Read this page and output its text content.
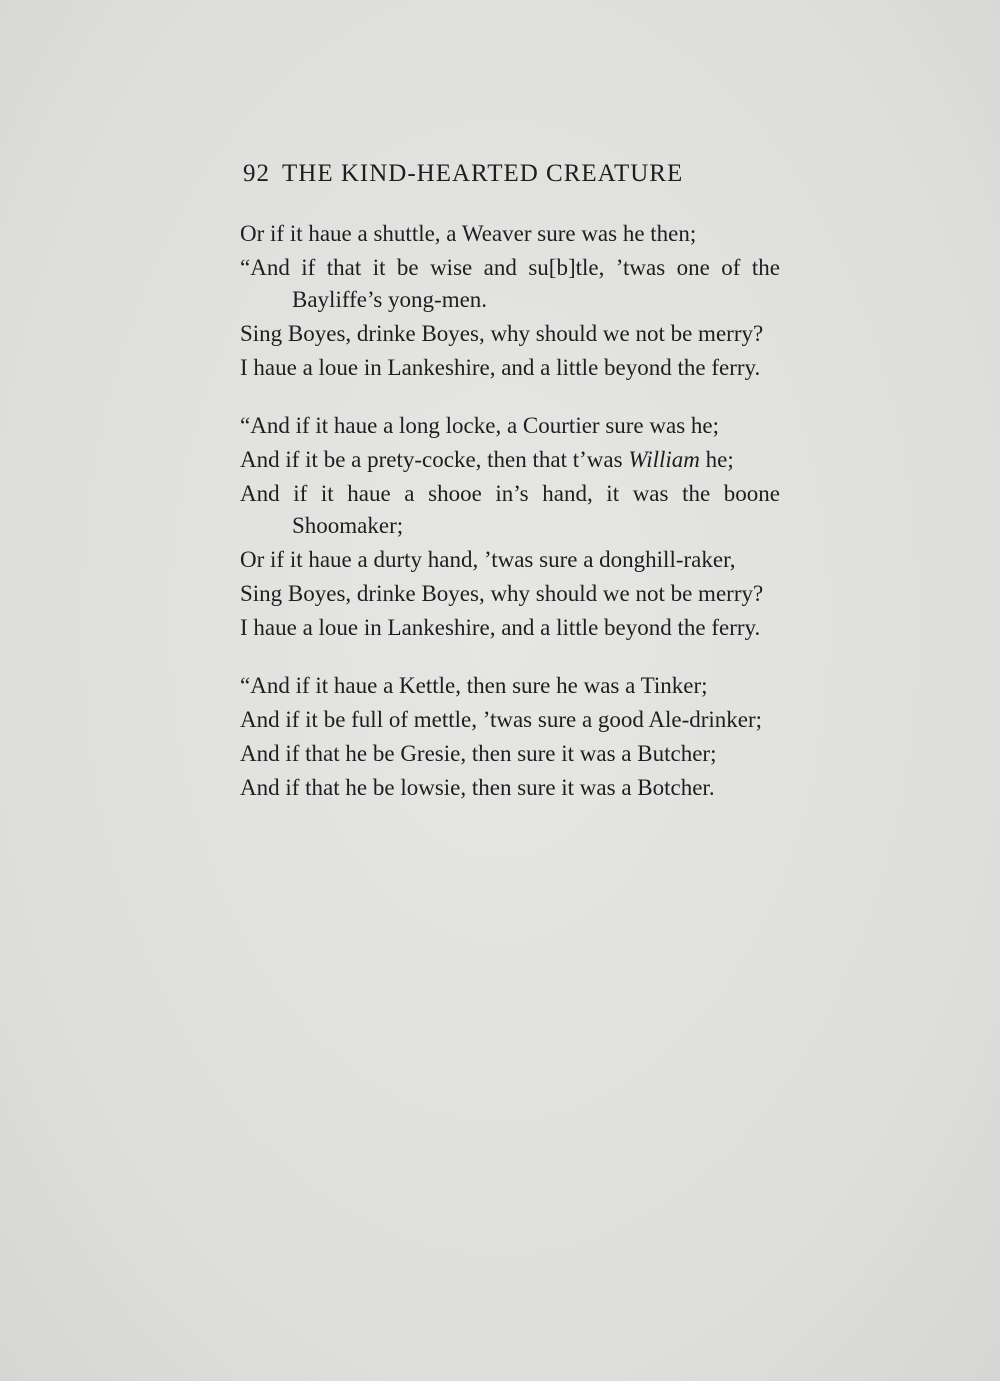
92 THE KIND-HEARTED CREATURE
Or if it haue a shuttle, a Weaver sure was he then;
“And if that it be wise and su[b]tle, ’twas one of the Bayliffe’s yong-men.
Sing Boyes, drinke Boyes, why should we not be merry?
I haue a loue in Lankeshire, and a little beyond the ferry.
“And if it haue a long locke, a Courtier sure was he;
And if it be a prety-cocke, then that t’was William he;
And if it haue a shooe in’s hand, it was the boone Shoomaker;
Or if it haue a durty hand, ’twas sure a donghill-raker,
Sing Boyes, drinke Boyes, why should we not be merry?
I haue a loue in Lankeshire, and a little beyond the ferry.
“And if it haue a Kettle, then sure he was a Tinker;
And if it be full of mettle, ’twas sure a good Ale-drinker;
And if that he be Gresie, then sure it was a Butcher;
And if that he be lowsie, then sure it was a Botcher.
